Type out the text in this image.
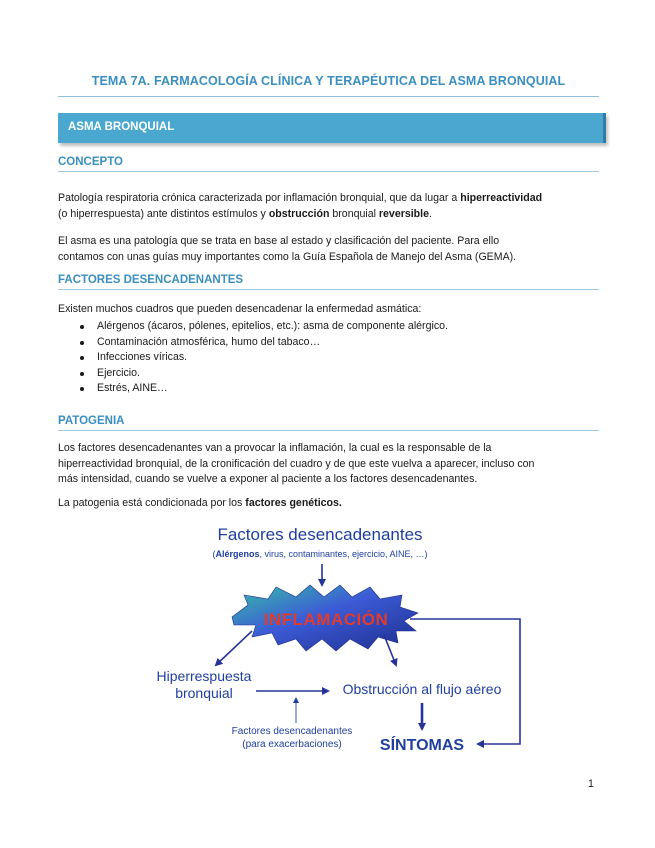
TEMA 7A. FARMACOLOGÍA CLÍNICA Y TERAPÉUTICA DEL ASMA BRONQUIAL
ASMA BRONQUIAL
CONCEPTO
Patología respiratoria crónica caracterizada por inflamación bronquial, que da lugar a hiperreactividad
(o hiperrespuesta) ante distintos estímulos y obstrucción bronquial reversible.
El asma es una patología que se trata en base al estado y clasificación del paciente. Para ello
contamos con unas guías muy importantes como la Guía Española de Manejo del Asma (GEMA).
FACTORES DESENCADENANTES
Existen muchos cuadros que pueden desencadenar la enfermedad asmática:
Alérgenos (ácaros, pólenes, epitelios, etc.): asma de componente alérgico.
Contaminación atmosférica, humo del tabaco…
Infecciones víricas.
Ejercicio.
Estrés, AINE…
PATOGENIA
Los factores desencadenantes van a provocar la inflamación, la cual es la responsable de la
hiperreactividad bronquial, de la cronificación del cuadro y de que este vuelva a aparecer, incluso con
más intensidad, cuando se vuelve a exponer al paciente a los factores desencadenantes.
La patogenia está condicionada por los factores genéticos.
Factores desencadenantes
(Alérgenos, virus, contaminantes, ejercicio, AINE, …)
INFLAMACIÓN
Hiperrespuesta
bronquial	Obstrucción al flujo aéreo
Factores desencadenantes
(para exacerbaciones) SÍNTOMAS
1
